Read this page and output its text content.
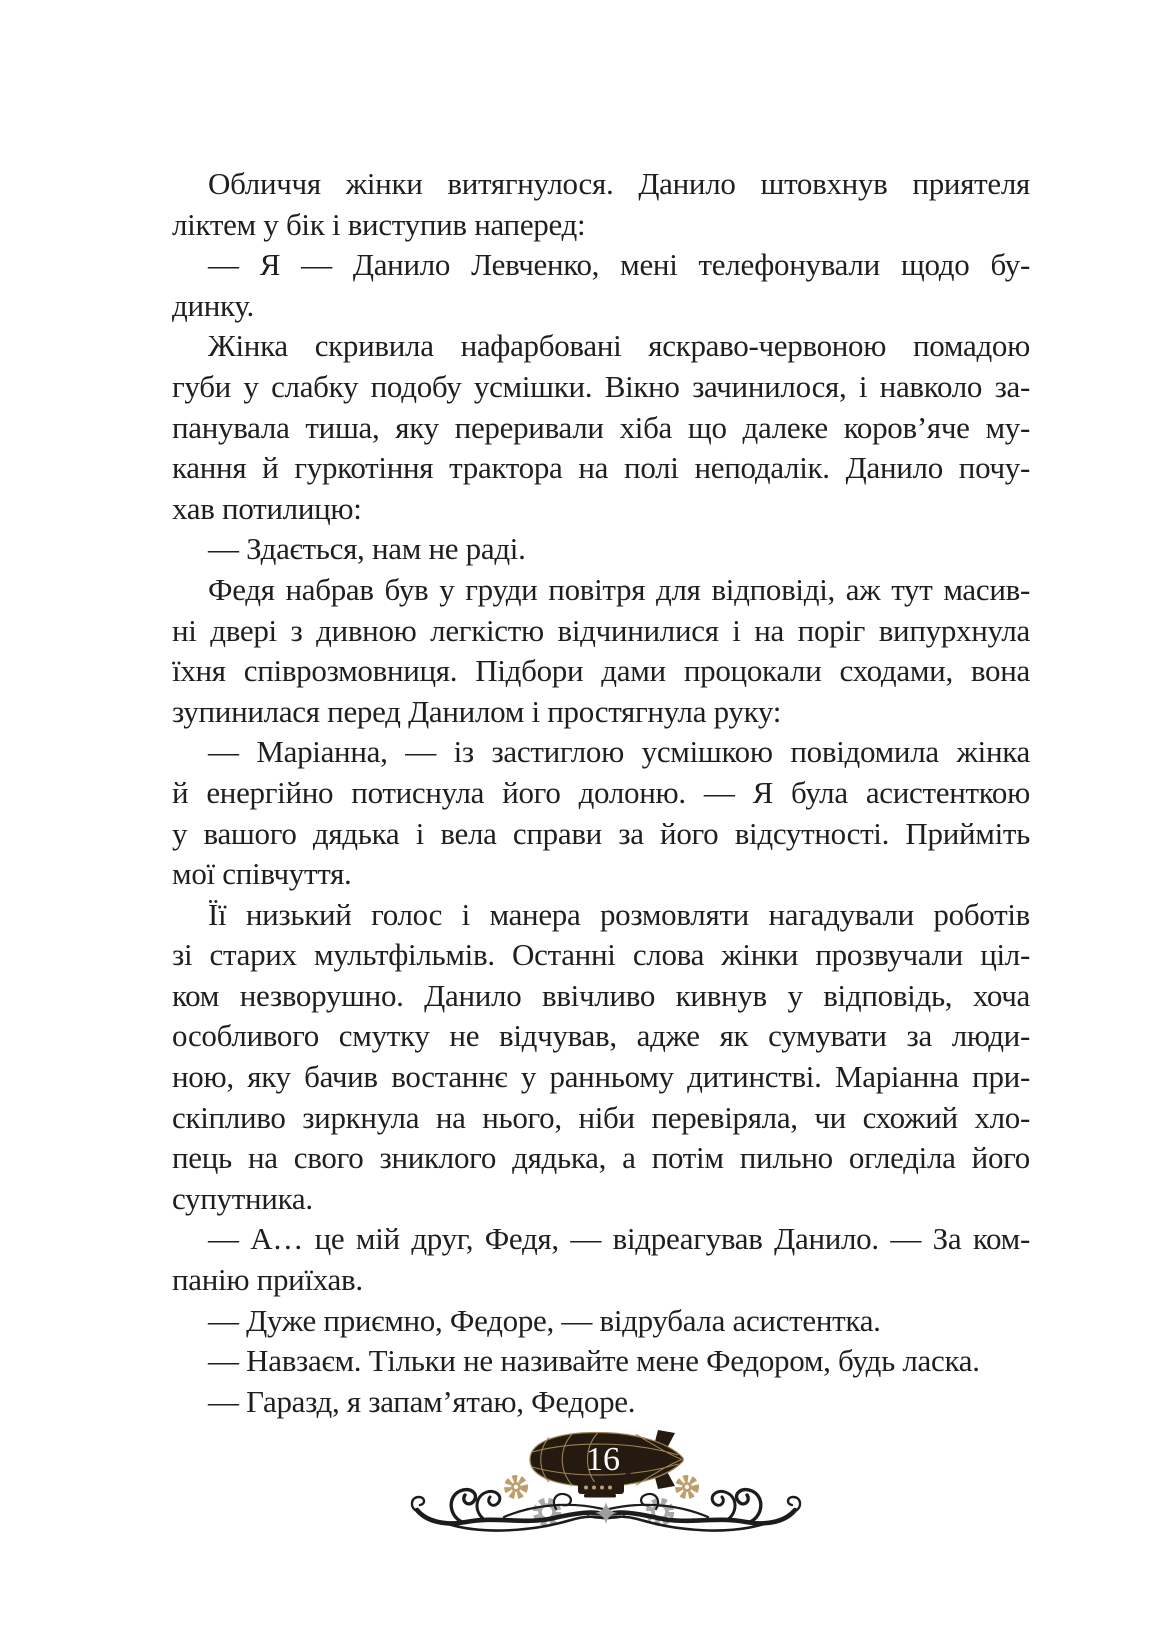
Обличчя жінки витягнулося. Данило штовхнув приятеля
ліктем у бік і виступив наперед:
— Я — Данило Левченко, мені телефонували щодо бу-
динку.
Жінка скривила нафарбовані яскраво-червоною помадою
губи у слабку подобу усмішки. Вікно зачинилося, і навколо за-
панувала тиша, яку переривали хіба що далеке коров’яче му-
кання й гуркотіння трактора на полі неподалік. Данило почу-
хав потилицю:
— Здається, нам не раді.
Федя набрав був у груди повітря для відповіді, аж тут масив-
ні двері з дивною легкістю відчинилися і на поріг випурхнула
їхня співрозмовниця. Підбори дами процокали сходами, вона
зупинилася перед Данилом і простягнула руку:
— Маріанна, — із застиглою усмішкою повідомила жінка
й енергійно потиснула його долоню. — Я була асистенткою
у вашого дядька і вела справи за його відсутності. Прийміть
мої співчуття.
Її низький голос і манера розмовляти нагадували роботів
зі старих мультфільмів. Останні слова жінки прозвучали ціл-
ком незворушно. Данило ввічливо кивнув у відповідь, хоча
особливого смутку не відчував, адже як сумувати за люди-
ною, яку бачив востаннє у ранньому дитинстві. Маріанна при-
скіпливо зиркнула на нього, ніби перевіряла, чи схожий хло-
пець на свого зниклого дядька, а потім пильно огледіла його
супутника.
— А… це мій друг, Федя, — відреагував Данило. — За ком-
панію приїхав.
— Дуже приємно, Федоре, — відрубала асистентка.
— Навзаєм. Тільки не називайте мене Федором, будь ласка.
— Гаразд, я запам’ятаю, Федоре.
16
